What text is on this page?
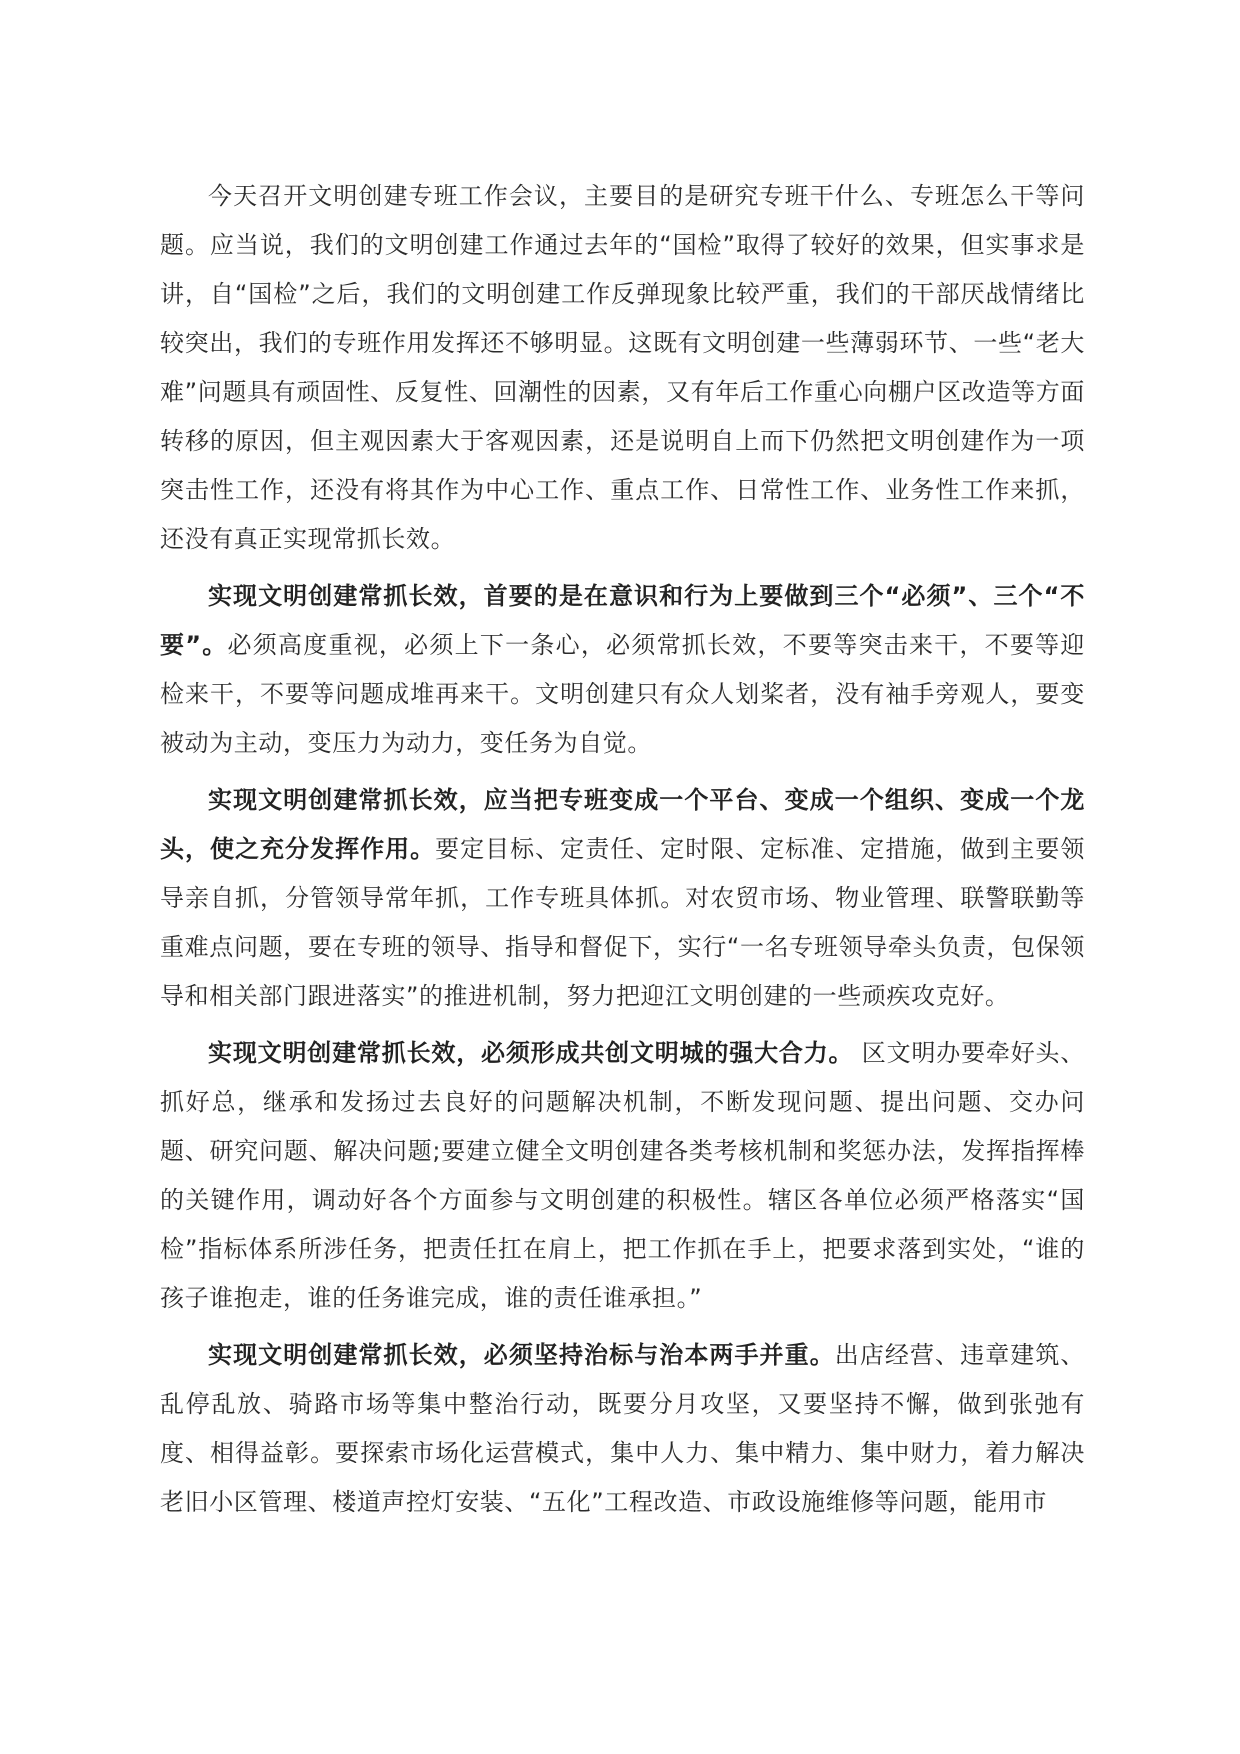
今天召开文明创建专班工作会议，主要目的是研究专班干什么、专班怎么干等问题。应当说，我们的文明创建工作通过去年的“国检”取得了较好的效果，但实事求是讲，自“国检”之后，我们的文明创建工作反弹现象比较严重，我们的干部厌战情绪比较突出，我们的专班作用发挥还不够明显。这既有文明创建一些薄弱环节、一些“老大难”问题具有顽固性、反复性、回潮性的因素，又有年后工作重心向棚户区改造等方面转移的原因，但主观因素大于客观因素，还是说明自上而下仍然把文明创建作为一项突击性工作，还没有将其作为中心工作、重点工作、日常性工作、业务性工作来抓，还没有真正实现常抓长效。

实现文明创建常抓长效，首要的是在意识和行为上要做到三个“必须”、三个“不要”。必须高度重视，必须上下一条心，必须常抓长效，不要等突击来干，不要等迎检来干，不要等问题成堆再来干。文明创建只有众人划桨者，没有袖手旁观人，要变被动为主动，变压力为动力，变任务为自觉。

实现文明创建常抓长效，应当把专班变成一个平台、变成一个组织、变成一个龙头，使之充分发挥作用。要定目标、定责任、定时限、定标准、定措施，做到主要领导亲自抓，分管领导常年抓，工作专班具体抓。对农贸市场、物业管理、联警联勤等重难点问题，要在专班的领导、指导和督促下，实行“一名专班领导牵头负责，包保领导和相关部门跟进落实”的推进机制，努力把迎江文明创建的一些顽疾攻克好。

实现文明创建常抓长效，必须形成共创文明城的强大合力。 区文明办要牵好头、抓好总，继承和发扬过去良好的问题解决机制，不断发现问题、提出问题、交办问题、研究问题、解决问题;要建立健全文明创建各类考核机制和奖惩办法，发挥指挥棒的关键作用，调动好各个方面参与文明创建的积极性。辖区各单位必须严格落实“国检”指标体系所涉任务，把责任扛在肩上，把工作抓在手上，把要求落到实处，“谁的孩子谁抱走，谁的任务谁完成，谁的责任谁承担。”

实现文明创建常抓长效，必须坚持治标与治本两手并重。出店经营、违章建筑、乱停乱放、骑路市场等集中整治行动，既要分月攻坚，又要坚持不懈，做到张弛有度、相得益彰。要探索市场化运营模式，集中人力、集中精力、集中财力，着力解决老旧小区管理、楼道声控灯安装、“五化”工程改造、市政设施维修等问题，能用市
